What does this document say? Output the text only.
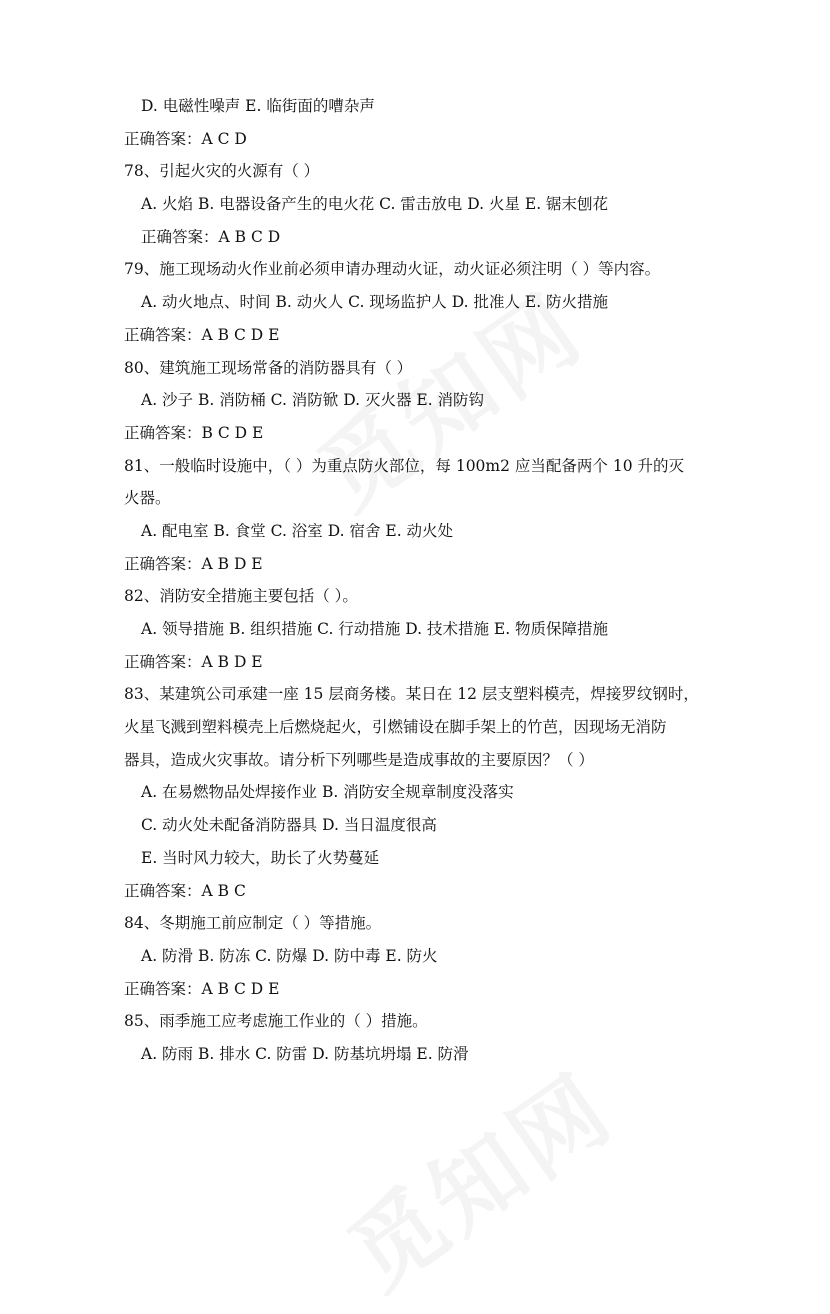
D. 电磁性噪声 E. 临街面的嘈杂声
正确答案：A C D
78、引起火灾的火源有（ ）
A. 火焰 B. 电器设备产生的电火花 C. 雷击放电 D. 火星 E. 锯末刨花
正确答案：A B C D
79、施工现场动火作业前必须申请办理动火证，动火证必须注明（ ）等内容。
A. 动火地点、时间 B. 动火人 C. 现场监护人 D. 批准人 E. 防火措施
正确答案：A B C D E
80、建筑施工现场常备的消防器具有（ ）
A. 沙子 B. 消防桶 C. 消防锨 D. 灭火器 E. 消防钩
正确答案：B C D E
81、一般临时设施中，（ ）为重点防火部位，每 100m2 应当配备两个 10 升的灭
火器。
A. 配电室 B. 食堂 C. 浴室 D. 宿舍 E. 动火处
正确答案：A B D E
82、消防安全措施主要包括（ ）。
A. 领导措施 B. 组织措施 C. 行动措施 D. 技术措施 E. 物质保障措施
正确答案：A B D E
83、某建筑公司承建一座 15 层商务楼。某日在 12 层支塑料模壳，焊接罗纹钢时，
火星飞溅到塑料模壳上后燃烧起火，引燃铺设在脚手架上的竹芭，因现场无消防
器具，造成火灾事故。请分析下列哪些是造成事故的主要原因？（ ）
A. 在易燃物品处焊接作业 B. 消防安全规章制度没落实
C. 动火处未配备消防器具 D. 当日温度很高
E. 当时风力较大，助长了火势蔓延
正确答案：A B C
84、冬期施工前应制定（ ）等措施。
A. 防滑 B. 防冻 C. 防爆 D. 防中毒 E. 防火
正确答案：A B C D E
85、雨季施工应考虑施工作业的（ ）措施。
A. 防雨 B. 排水 C. 防雷 D. 防基坑坍塌 E. 防滑
